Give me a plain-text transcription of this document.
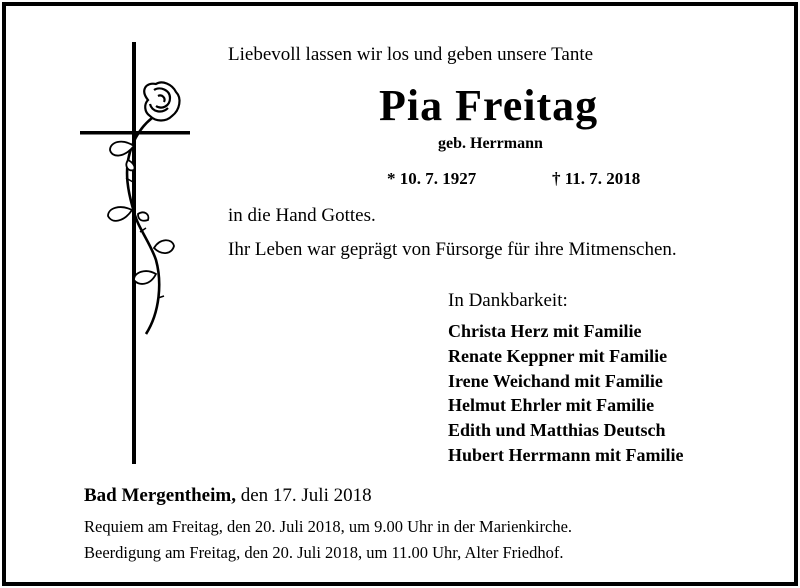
Liebevoll lassen wir los und geben unsere Tante
Pia Freitag
geb. Herrmann
* 10. 7. 1927	† 11. 7. 2018
in die Hand Gottes.
Ihr Leben war geprägt von Fürsorge für ihre Mitmenschen.
In Dankbarkeit:
Christa Herz mit Familie
Renate Keppner mit Familie
Irene Weichand mit Familie
Helmut Ehrler mit Familie
Edith und Matthias Deutsch
Hubert Herrmann mit Familie
Bad Mergentheim, den 17. Juli 2018
Requiem am Freitag, den 20. Juli 2018, um 9.00 Uhr in der Marienkirche.
Beerdigung am Freitag, den 20. Juli 2018, um 11.00 Uhr, Alter Friedhof.
